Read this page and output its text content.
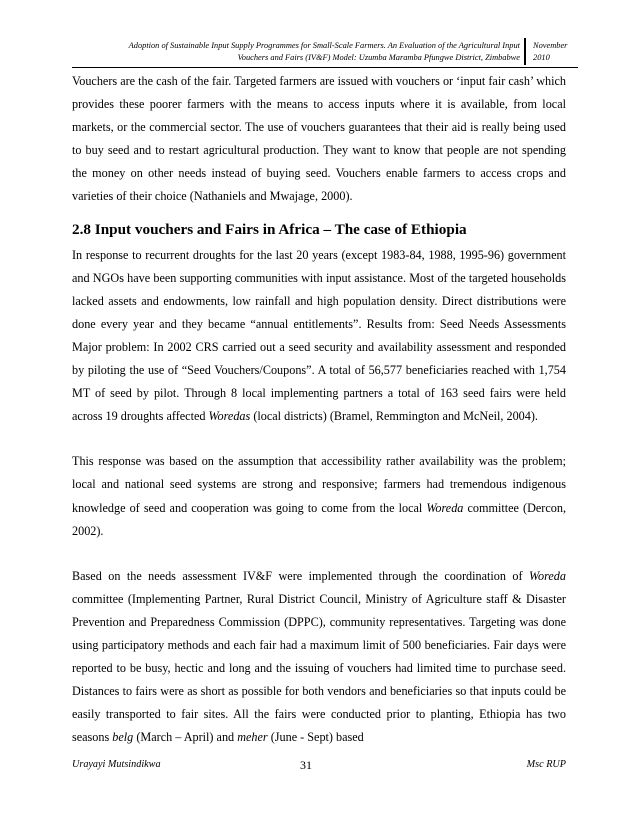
Adoption of Sustainable Input Supply Programmes for Small-Scale Farmers. An Evaluation of the Agricultural Input
Vouchers and Fairs (IV&F) Model: Uzumba Maramba Pfungwe District, Zimbabwe
November
2010

Vouchers are the cash of the fair. Targeted farmers are issued with vouchers or ‘input fair cash’ which provides these poorer farmers with the means to access inputs where it is available, from local markets, or the commercial sector. The use of vouchers guarantees that their aid is really being used to buy seed and to restart agricultural production. They want to know that people are not spending the money on other needs instead of buying seed. Vouchers enable farmers to access crops and varieties of their choice (Nathaniels and Mwajage, 2000).

2.8 Input vouchers and Fairs in Africa – The case of Ethiopia

In response to recurrent droughts for the last 20 years (except 1983-84, 1988, 1995-96) government and NGOs have been supporting communities with input assistance. Most of the targeted households lacked assets and endowments, low rainfall and high population density. Direct distributions were done every year and they became “annual entitlements”. Results from: Seed Needs Assessments Major problem: In 2002 CRS carried out a seed security and availability assessment and responded by piloting the use of “Seed Vouchers/Coupons”. A total of 56,577 beneficiaries reached with 1,754 MT of seed by pilot. Through 8 local implementing partners a total of 163 seed fairs were held across 19 droughts affected Woredas (local districts) (Bramel, Remmington and McNeil, 2004).

This response was based on the assumption that accessibility rather availability was the problem; local and national seed systems are strong and responsive; farmers had tremendous indigenous knowledge of seed and cooperation was going to come from the local Woreda committee (Dercon, 2002).

Based on the needs assessment IV&F were implemented through the coordination of Woreda committee (Implementing Partner, Rural District Council, Ministry of Agriculture staff & Disaster Prevention and Preparedness Commission (DPPC), community representatives. Targeting was done using participatory methods and each fair had a maximum limit of 500 beneficiaries. Fair days were reported to be busy, hectic and long and the issuing of vouchers had limited time to purchase seed. Distances to fairs were as short as possible for both vendors and beneficiaries so that inputs could be easily transported to fair sites. All the fairs were conducted prior to planting, Ethiopia has two seasons belg (March – April) and meher (June - Sept) based

Urayayi Mutsindikwa	31	Msc RUP
